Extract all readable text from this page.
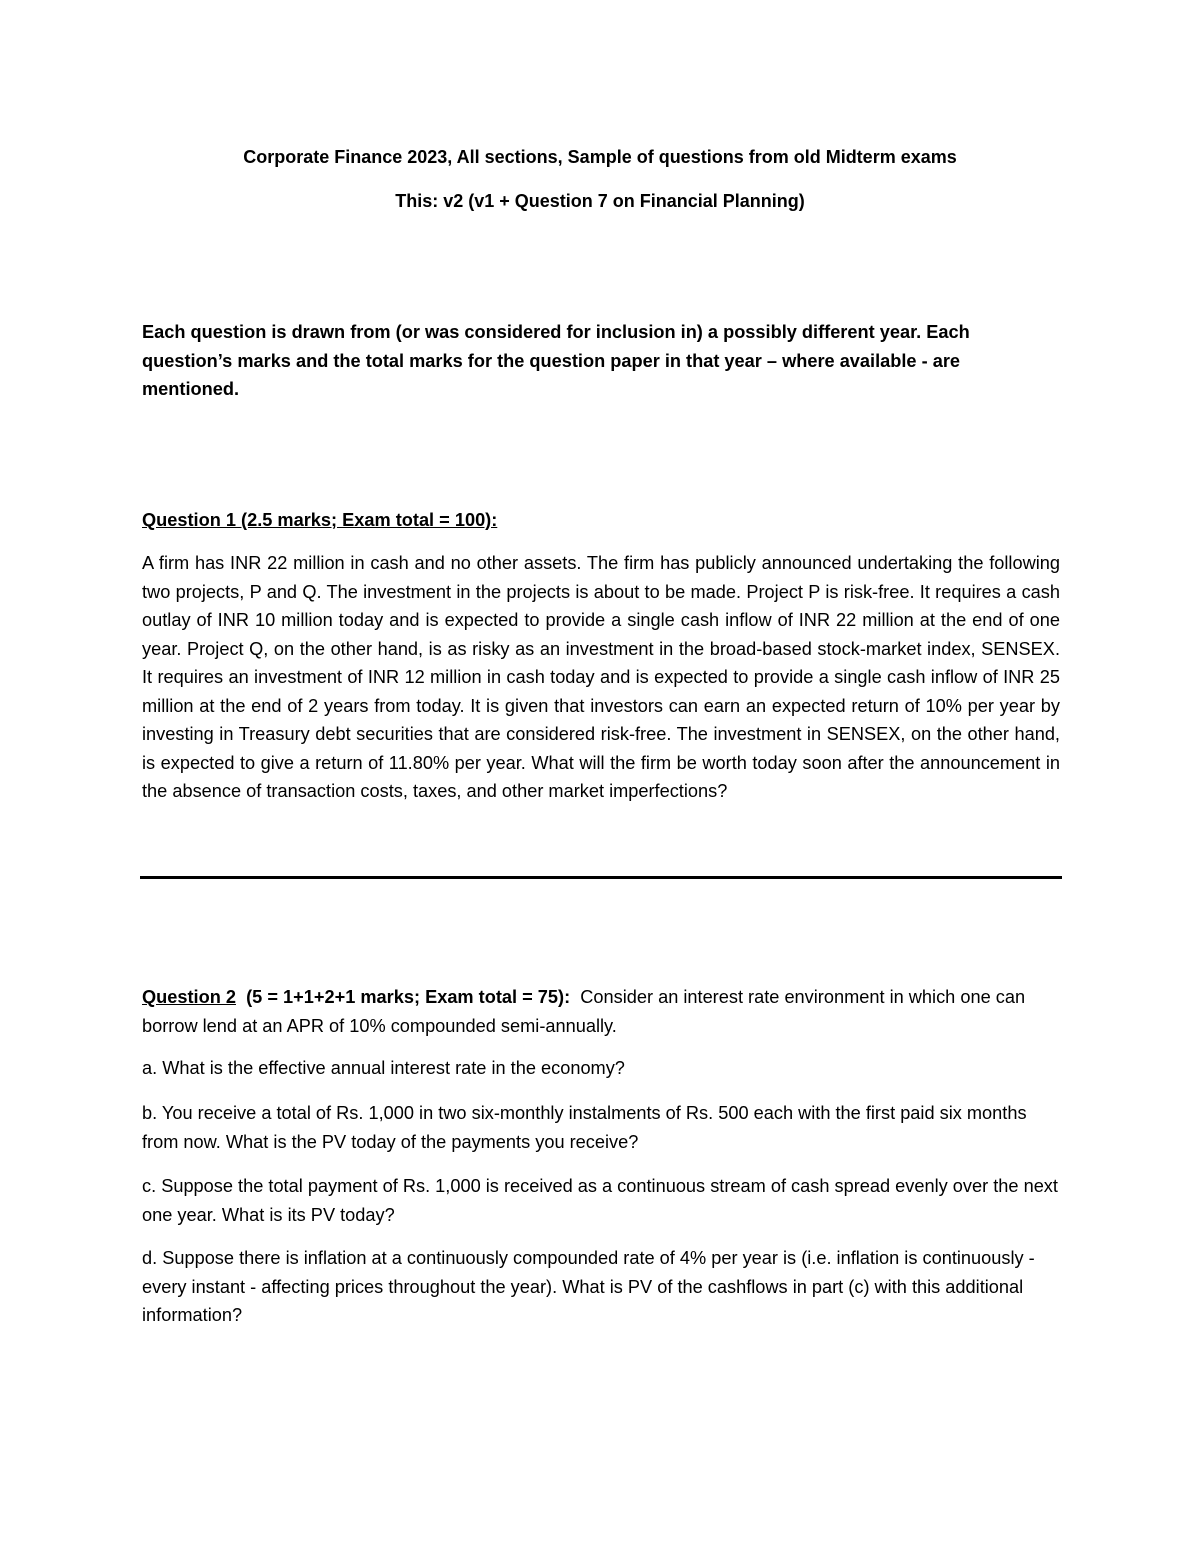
Corporate Finance 2023, All sections, Sample of questions from old Midterm exams
This: v2 (v1 + Question 7 on Financial Planning)
Each question is drawn from (or was considered for inclusion in) a possibly different year. Each question’s marks and the total marks for the question paper in that year – where available - are mentioned.
Question 1 (2.5 marks; Exam total = 100):
A firm has INR 22 million in cash and no other assets. The firm has publicly announced undertaking the following two projects, P and Q. The investment in the projects is about to be made. Project P is risk-free. It requires a cash outlay of INR 10 million today and is expected to provide a single cash inflow of INR 22 million at the end of one year. Project Q, on the other hand, is as risky as an investment in the broad-based stock-market index, SENSEX. It requires an investment of INR 12 million in cash today and is expected to provide a single cash inflow of INR 25 million at the end of 2 years from today. It is given that investors can earn an expected return of 10% per year by investing in Treasury debt securities that are considered risk-free. The investment in SENSEX, on the other hand, is expected to give a return of 11.80% per year. What will the firm be worth today soon after the announcement in the absence of transaction costs, taxes, and other market imperfections?
Question 2 (5 = 1+1+2+1 marks; Exam total = 75): Consider an interest rate environment in which one can borrow lend at an APR of 10% compounded semi-annually.
a. What is the effective annual interest rate in the economy?
b. You receive a total of Rs. 1,000 in two six-monthly instalments of Rs. 500 each with the first paid six months from now. What is the PV today of the payments you receive?
c. Suppose the total payment of Rs. 1,000 is received as a continuous stream of cash spread evenly over the next one year. What is its PV today?
d. Suppose there is inflation at a continuously compounded rate of 4% per year is (i.e. inflation is continuously - every instant - affecting prices throughout the year). What is PV of the cashflows in part (c) with this additional information?
